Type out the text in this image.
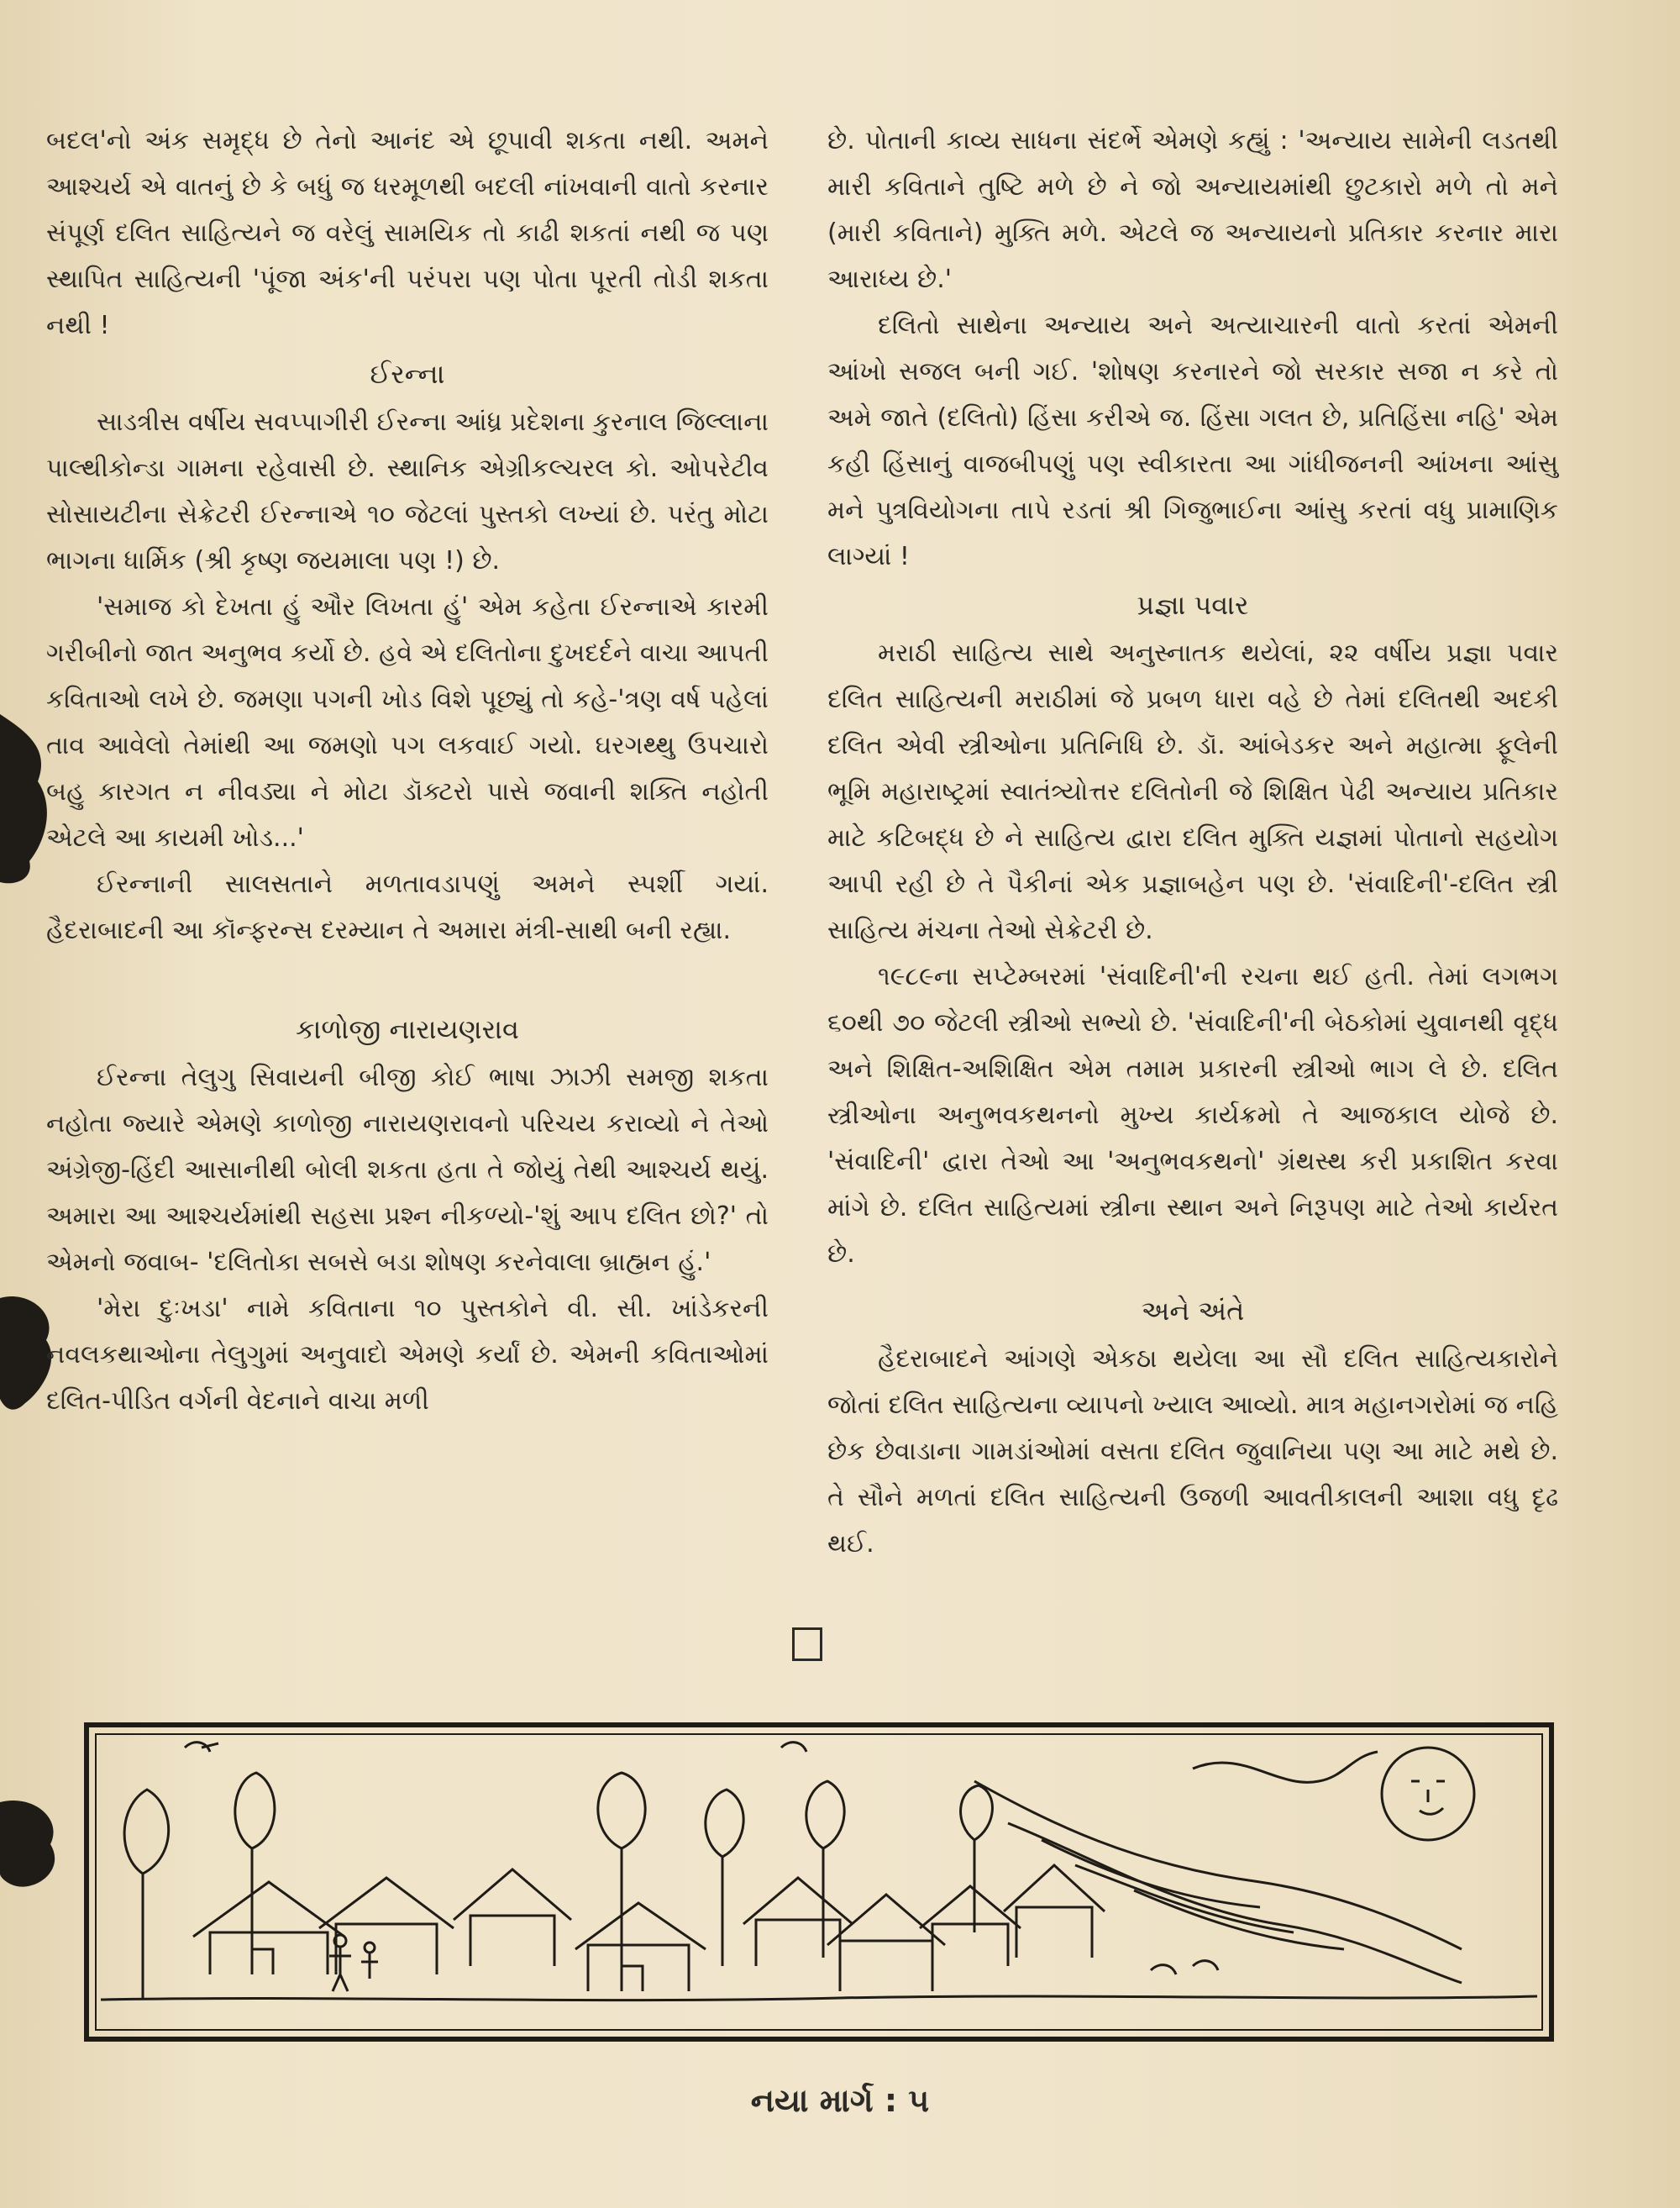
બદલ'નો અંક સમૃદ્ધ છે તેનો આનંદ એ છૂપાવી શકતા નથી. અમને આશ્ચર્ય એ વાતનું છે કે બધું જ ધરમૂળથી બદલી નાંખવાની વાતો કરનાર સંપૂર્ણ દલિત સાહિત્યને જ વરેલું સામયિક તો કાઢી શકતાં નથી જ પણ સ્થાપિત સાહિત્યની 'પૂંજા અંક'ની પરંપરા પણ પોતા પૂરતી તોડી શકતા નથી !

ઈરન્ના

સાડત્રીસ વર્ષીય સવપ્પાગીરી ઈરન્ના આંધ્ર પ્રદેશના કુરનાલ જિલ્લાના પાલ્થીકોન્ડા ગામના રહેવાસી છે. સ્થાનિક એગ્રીકલ્ચરલ કો. ઓપરેટીવ સોસાયટીના સેક્રેટરી ઈરન્નાએ ૧૦ જેટલાં પુસ્તકો લખ્યાં છે. પરંતુ મોટા ભાગના ધાર્મિક (શ્રી કૃષ્ણ જયમાલા પણ !) છે.

'સમાજ કો દેખતા હું ઔર લિખતા હું' એમ કહેતા ઈરન્નાએ કારમી ગરીબીનો જાત અનુભવ કર્યો છે. હવે એ દલિતોના દુખદર્દને વાચા આપતી કવિતાઓ લખે છે. જમણા પગની ખોડ વિશે પૂછ્યું તો કહે-'ત્રણ વર્ષ પહેલાં તાવ આવેલો તેમાંથી આ જમણો પગ લકવાઈ ગયો. ઘરગથ્થુ ઉપચારો બહુ કારગત ન નીવડ્યા ને મોટા ડૉક્ટરો પાસે જવાની શક્તિ નહોતી એટલે આ કાયમી ખોડ...'

ઈરન્નાની સાલસતાને મળતાવડાપણું અમને સ્પર્શી ગયાં. હૈદરાબાદની આ કૉન્ફરન્સ દરમ્યાન તે અમારા મંત્રી-સાથી બની રહ્યા.

કાળોજી નારાયણરાવ

ઈરન્ના તેલુગુ સિવાયની બીજી કોઈ ભાષા ઝાઝી સમજી શકતા નહોતા જ્યારે એમણે કાળોજી નારાયણરાવનો પરિચય કરાવ્યો ને તેઓ અંગ્રેજી-હિંદી આસાનીથી બોલી શકતા હતા તે જોયું તેથી આશ્ચર્ય થયું. અમારા આ આશ્ચર્યમાંથી સહસા પ્રશ્ન નીકળ્યો-'શું આપ દલિત છો?' તો એમનો જવાબ- 'દલિતોકા સબસે બડા શોષણ કરનેવાલા બ્રાહ્મન હું.'

'મેરા દુઃખડા' નામે કવિતાના ૧૦ પુસ્તકોને વી. સી. ખાંડેકરની નવલકથાઓના તેલુગુમાં અનુવાદો એમણે કર્યાં છે. એમની કવિતાઓમાં દલિત-પીડિત વર્ગની વેદનાને વાચા મળી

છે. પોતાની કાવ્ય સાધના સંદર્ભે એમણે કહ્યું : 'અન્યાય સામેની લડતથી મારી કવિતાને તુષ્ટિ મળે છે ને જો અન્યાયમાંથી છુટકારો મળે તો મને (મારી કવિતાને) મુક્તિ મળે. એટલે જ અન્યાયનો પ્રતિકાર કરનાર મારા આરાધ્ય છે.'

દલિતો સાથેના અન્યાય અને અત્યાચારની વાતો કરતાં એમની આંખો સજલ બની ગઈ. 'શોષણ કરનારને જો સરકાર સજા ન કરે તો અમે જાતે (દલિતો) હિંસા કરીએ જ. હિંસા ગલત છે, પ્રતિહિંસા નહિ' એમ કહી હિંસાનું વાજબીપણું પણ સ્વીકારતા આ ગાંધીજનની આંખના આંસુ મને પુત્રવિયોગના તાપે રડતાં શ્રી ગિજુભાઈના આંસુ કરતાં વધુ પ્રામાણિક લાગ્યાં !

પ્રજ્ઞા પવાર

મરાઠી સાહિત્ય સાથે અનુસ્નાતક થયેલાં, ૨૨ વર્ષીય પ્રજ્ઞા પવાર દલિત સાહિત્યની મરાઠીમાં જે પ્રબળ ધારા વહે છે તેમાં દલિતથી અદકી દલિત એવી સ્ત્રીઓના પ્રતિનિધિ છે. ડૉ. આંબેડકર અને મહાત્મા ફૂલેની ભૂમિ મહારાષ્ટ્રમાં સ્વાતંત્ર્યોત્તર દલિતોની જે શિક્ષિત પેઢી અન્યાય પ્રતિકાર માટે કટિબદ્ધ છે ને સાહિત્ય દ્વારા દલિત મુક્તિ યજ્ઞમાં પોતાનો સહયોગ આપી રહી છે તે પૈકીનાં એક પ્રજ્ઞાબહેન પણ છે. 'સંવાદિની'-દલિત સ્ત્રી સાહિત્ય મંચના તેઓ સેક્રેટરી છે.

૧૯૮૯ના સપ્ટેમ્બરમાં 'સંવાદિની'ની રચના થઈ હતી. તેમાં લગભગ ૬૦થી ૭૦ જેટલી સ્ત્રીઓ સભ્યો છે. 'સંવાદિની'ની બેઠકોમાં યુવાનથી વૃદ્ધ અને શિક્ષિત-અશિક્ષિત એમ તમામ પ્રકારની સ્ત્રીઓ ભાગ લે છે. દલિત સ્ત્રીઓના અનુભવકથનનો મુખ્ય કાર્યક્રમો તે આજકાલ યોજે છે. 'સંવાદિની' દ્વારા તેઓ આ 'અનુભવકથનો' ગ્રંથસ્થ કરી પ્રકાશિત કરવા માંગે છે. દલિત સાહિત્યમાં સ્ત્રીના સ્થાન અને નિરૂપણ માટે તેઓ કાર્યરત છે.

અને અંતે

હૈદરાબાદને આંગણે એકઠા થયેલા આ સૌ દલિત સાહિત્યકારોને જોતાં દલિત સાહિત્યના વ્યાપનો ખ્યાલ આવ્યો. માત્ર મહાનગરોમાં જ નહિ છેક છેવાડાના ગામડાંઓમાં વસતા દલિત જુવાનિયા પણ આ માટે મથે છે. તે સૌને મળતાં દલિત સાહિત્યની ઉજળી આવતીકાલની આશા વધુ દૃઢ થઈ.

નયા માર્ગ : ૫
